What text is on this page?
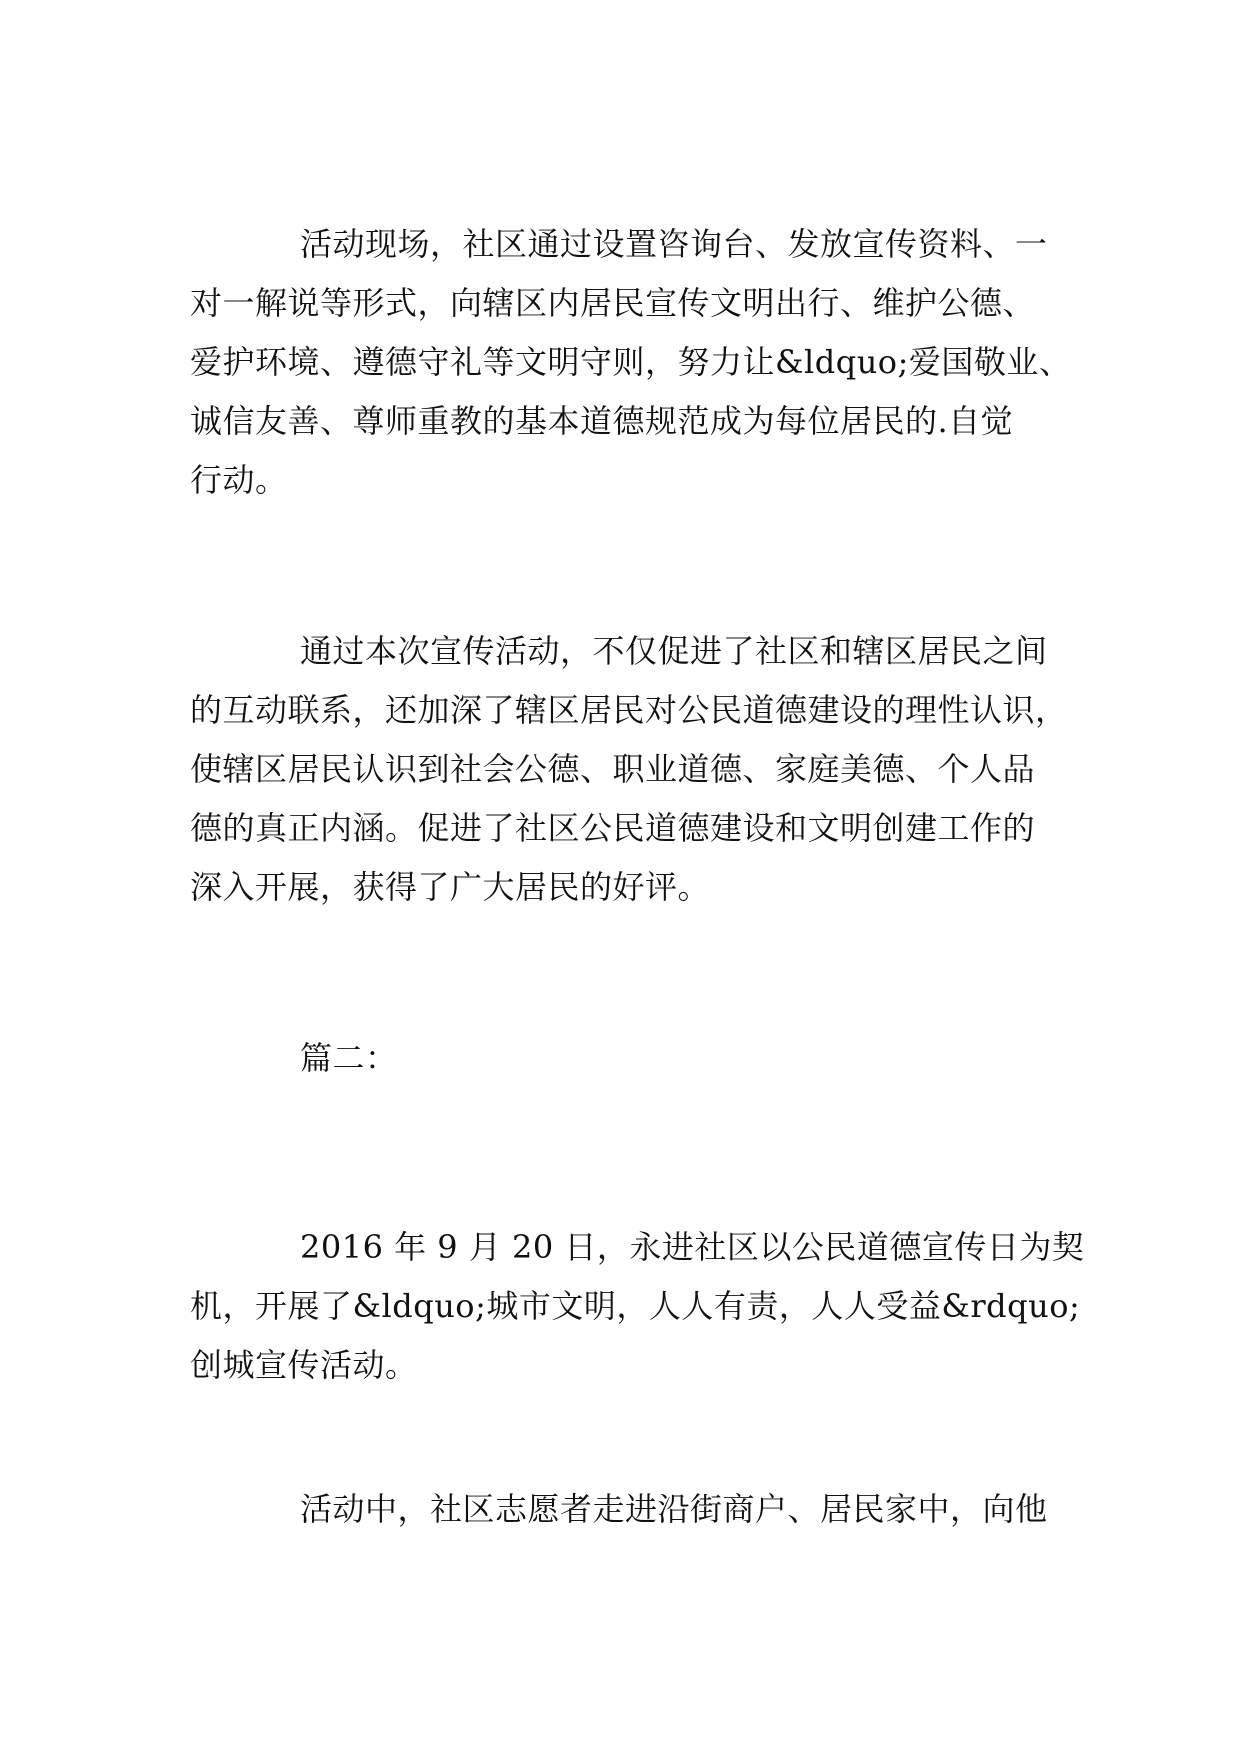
活动现场，社区通过设置咨询台、发放宣传资料、一
对一解说等形式，向辖区内居民宣传文明出行、维护公德、
爱护环境、遵德守礼等文明守则，努力让&ldquo;爱国敬业、
诚信友善、尊师重教的基本道德规范成为每位居民的.自觉
行动。
通过本次宣传活动，不仅促进了社区和辖区居民之间
的互动联系，还加深了辖区居民对公民道德建设的理性认识，
使辖区居民认识到社会公德、职业道德、家庭美德、个人品
德的真正内涵。促进了社区公民道德建设和文明创建工作的
深入开展，获得了广大居民的好评。
篇二：
2016 年 9 月 20 日，永进社区以公民道德宣传日为契
机，开展了&ldquo;城市文明，人人有责，人人受益&rdquo;
创城宣传活动。
活动中，社区志愿者走进沿街商户、居民家中，向他
